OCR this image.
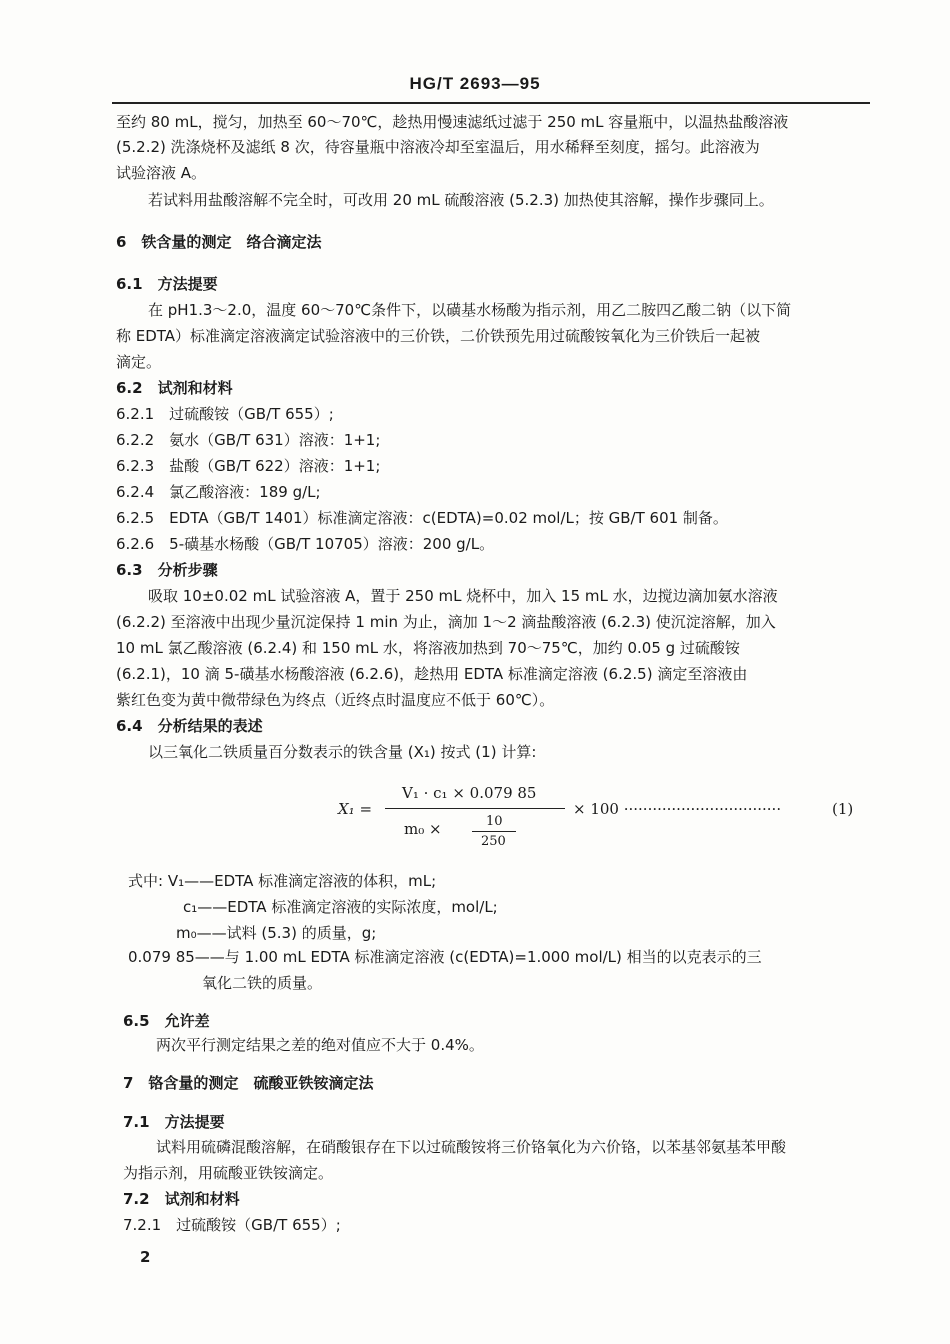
HG/T 2693—95
至约 80 mL，搅匀，加热至 60～70℃，趁热用慢速滤纸过滤于 250 mL 容量瓶中，以温热盐酸溶液
(5.2.2) 洗涤烧杯及滤纸 8 次，待容量瓶中溶液冷却至室温后，用水稀释至刻度，摇匀。此溶液为
试验溶液 A。
若试料用盐酸溶解不完全时，可改用 20 mL 硫酸溶液 (5.2.3) 加热使其溶解，操作步骤同上。
6　铁含量的测定　络合滴定法
6.1　方法提要
在 pH1.3～2.0，温度 60～70℃条件下，以磺基水杨酸为指示剂，用乙二胺四乙酸二钠（以下简
称 EDTA）标准滴定溶液滴定试验溶液中的三价铁，二价铁预先用过硫酸铵氧化为三价铁后一起被
滴定。
6.2　试剂和材料
6.2.1　过硫酸铵（GB/T 655）;
6.2.2　氨水（GB/T 631）溶液：1+1;
6.2.3　盐酸（GB/T 622）溶液：1+1;
6.2.4　氯乙酸溶液：189 g/L;
6.2.5　EDTA（GB/T 1401）标准滴定溶液：c(EDTA)=0.02 mol/L；按 GB/T 601 制备。
6.2.6　5-磺基水杨酸（GB/T 10705）溶液：200 g/L。
6.3　分析步骤
吸取 10±0.02 mL 试验溶液 A，置于 250 mL 烧杯中，加入 15 mL 水，边搅边滴加氨水溶液
(6.2.2) 至溶液中出现少量沉淀保持 1 min 为止，滴加 1～2 滴盐酸溶液 (6.2.3) 使沉淀溶解，加入
10 mL 氯乙酸溶液 (6.2.4) 和 150 mL 水，将溶液加热到 70～75℃，加约 0.05 g 过硫酸铵
(6.2.1)，10 滴 5-磺基水杨酸溶液 (6.2.6)，趁热用 EDTA 标准滴定溶液 (6.2.5) 滴定至溶液由
紫红色变为黄中微带绿色为终点（近终点时温度应不低于 60℃）。
6.4　分析结果的表述
以三氧化二铁质量百分数表示的铁含量 (X₁) 按式 (1) 计算:
X₁ =
V₁ · c₁ × 0.079 85
m₀ ×	10
250
× 100 ·································	(1)
式中: V₁——EDTA 标准滴定溶液的体积，mL;
c₁——EDTA 标准滴定溶液的实际浓度，mol/L;
m₀——试料 (5.3) 的质量，g;
0.079 85——与 1.00 mL EDTA 标准滴定溶液 (c(EDTA)=1.000 mol/L) 相当的以克表示的三
氧化二铁的质量。
6.5　允许差
两次平行测定结果之差的绝对值应不大于 0.4%。
7　铬含量的测定　硫酸亚铁铵滴定法
7.1　方法提要
试料用硫磷混酸溶解，在硝酸银存在下以过硫酸铵将三价铬氧化为六价铬，以苯基邻氨基苯甲酸
为指示剂，用硫酸亚铁铵滴定。
7.2　试剂和材料
7.2.1　过硫酸铵（GB/T 655）;
2
